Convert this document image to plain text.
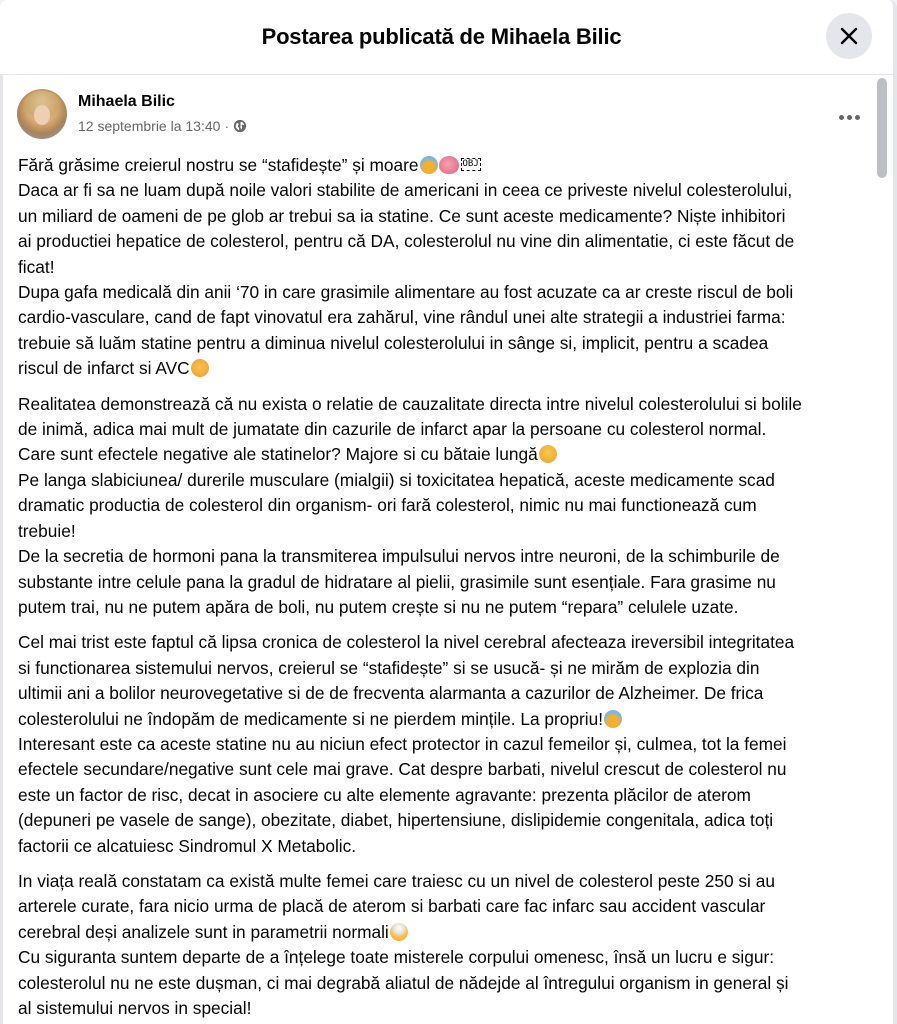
Postarea publicată de Mihaela Bilic
Mihaela Bilic
12 septembrie la 13:40 ·
Fără grăsime creierul nostru se “stafidește” și moare	OBJ
Daca ar fi sa ne luam după noile valori stabilite de americani in ceea ce priveste nivelul colesterolului,
un miliard de oameni de pe glob ar trebui sa ia statine. Ce sunt aceste medicamente? Niște inhibitori
ai productiei hepatice de colesterol, pentru că DA, colesterolul nu vine din alimentatie, ci este făcut de
ficat!
Dupa gafa medicală din anii ‘70 in care grasimile alimentare au fost acuzate ca ar creste riscul de boli
cardio-vasculare, cand de fapt vinovatul era zahărul, vine rândul unei alte strategii a industriei farma:
trebuie să luăm statine pentru a diminua nivelul colesterolului in sânge si, implicit, pentru a scadea
riscul de infarct si AVC
Realitatea demonstrează că nu exista o relatie de cauzalitate directa intre nivelul colesterolului si bolile
de inimă, adica mai mult de jumatate din cazurile de infarct apar la persoane cu colesterol normal.
Care sunt efectele negative ale statinelor? Majore si cu bătaie lungă
Pe langa slabiciunea/ durerile musculare (mialgii) si toxicitatea hepatică, aceste medicamente scad
dramatic productia de colesterol din organism- ori fară colesterol, nimic nu mai functionează cum
trebuie!
De la secretia de hormoni pana la transmiterea impulsului nervos intre neuroni, de la schimburile de
substante intre celule pana la gradul de hidratare al pielii, grasimile sunt esențiale. Fara grasime nu
putem trai, nu ne putem apăra de boli, nu putem crește si nu ne putem “repara” celulele uzate.
Cel mai trist este faptul că lipsa cronica de colesterol la nivel cerebral afecteaza ireversibil integritatea
si functionarea sistemului nervos, creierul se “stafidește” si se usucă- și ne mirăm de explozia din
ultimii ani a bolilor neurovegetative si de de frecventa alarmanta a cazurilor de Alzheimer. De frica
colesterolului ne îndopăm de medicamente si ne pierdem mințile. La propriu!
Interesant este ca aceste statine nu au niciun efect protector in cazul femeilor și, culmea, tot la femei
efectele secundare/negative sunt cele mai grave. Cat despre barbati, nivelul crescut de colesterol nu
este un factor de risc, decat in asociere cu alte elemente agravante: prezenta plăcilor de aterom
(depuneri pe vasele de sange), obezitate, diabet, hipertensiune, dislipidemie congenitala, adica toți
factorii ce alcatuiesc Sindromul X Metabolic.
In viața reală constatam ca există multe femei care traiesc cu un nivel de colesterol peste 250 si au
arterele curate, fara nicio urma de placă de aterom si barbati care fac infarc sau accident vascular
cerebral deși analizele sunt in parametrii normali
Cu siguranta suntem departe de a înțelege toate misterele corpului omenesc, însă un lucru e sigur:
colesterolul nu ne este dușman, ci mai degrabă aliatul de nădejde al întregului organism in general și
al sistemului nervos in special!
